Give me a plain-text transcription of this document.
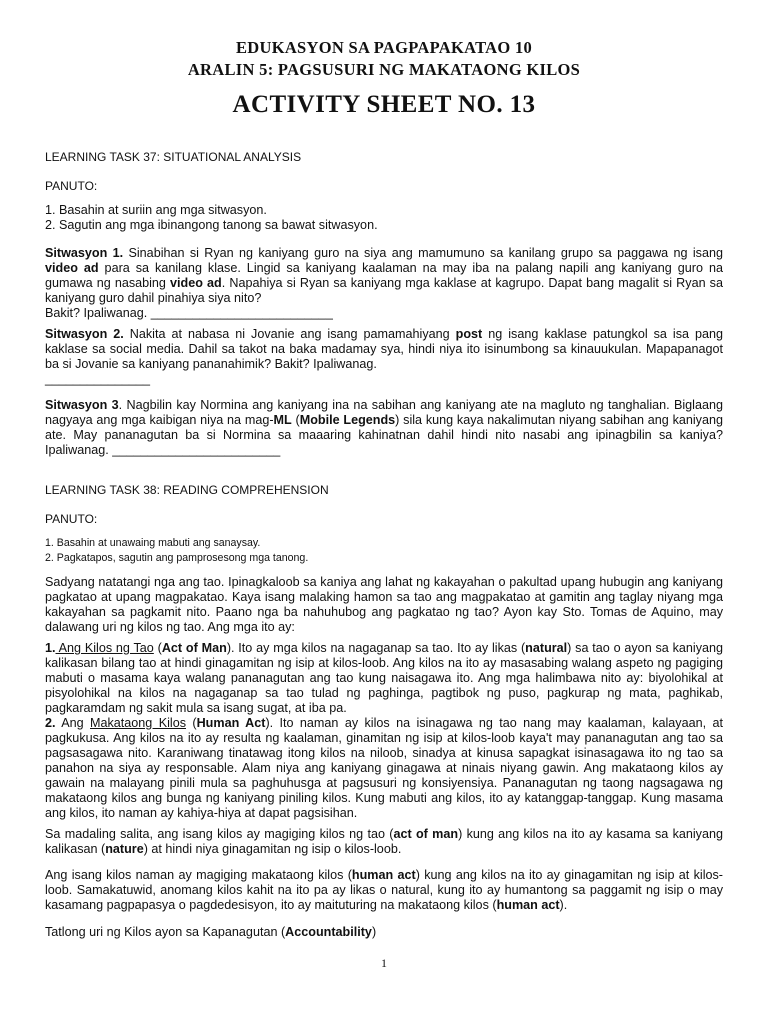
EDUKASYON SA PAGPAPAKATAO 10
ARALIN 5: PAGSUSURI NG MAKATAONG KILOS
ACTIVITY SHEET NO. 13
LEARNING TASK 37: SITUATIONAL ANALYSIS
PANUTO:

1. Basahin at suriin ang mga sitwasyon.

2. Sagutin ang mga ibinangong tanong sa bawat sitwasyon.

Sitwasyon 1. Sinabihan si Ryan ng kaniyang guro na siya ang mamumuno sa kanilang grupo sa paggawa ng isang video ad para sa kanilang klase. Lingid sa kaniyang kaalaman na may iba na palang napili ang kaniyang guro na gumawa ng nasabing video ad. Napahiya si Ryan sa kaniyang mga kaklase at kagrupo. Dapat bang magalit si Ryan sa kaniyang guro dahil pinahiya siya nito?

Bakit? Ipaliwanag. __________________________

Sitwasyon 2. Nakita at nabasa ni Jovanie ang isang pamamahiyang post ng isang kaklase patungkol sa isa pang kaklase sa social media. Dahil sa takot na baka madamay sya, hindi niya ito isinumbong sa kinauukulan. Mapapanagot ba si Jovanie sa kaniyang pananahimik? Bakit? Ipaliwanag.

_______________

Sitwasyon 3. Nagbilin kay Normina ang kaniyang ina na sabihan ang kaniyang ate na magluto ng tanghalian. Biglaang nagyaya ang mga kaibigan niya na mag-ML (Mobile Legends) sila kung kaya nakalimutan niyang sabihan ang kaniyang ate. May pananagutan ba si Normina sa maaaring kahinatnan dahil hindi nito nasabi ang ipinagbilin sa kaniya? Ipaliwanag. ________________________

LEARNING TASK 38: READING COMPREHENSION
PANUTO:

1. Basahin at unawaing mabuti ang sanaysay.

2. Pagkatapos, sagutin ang pamprosesong mga tanong.

Sadyang natatangi nga ang tao. Ipinagkaloob sa kaniya ang lahat ng kakayahan o pakultad upang hubugin ang kaniyang pagkatao at upang magpakatao. Kaya isang malaking hamon sa tao ang magpakatao at gamitin ang taglay niyang mga kakayahan sa pagkamit nito. Paano nga ba nahuhubog ang pagkatao ng tao? Ayon kay Sto. Tomas de Aquino, may dalawang uri ng kilos ng tao. Ang mga ito ay:

1. Ang Kilos ng Tao (Act of Man). Ito ay mga kilos na nagaganap sa tao. Ito ay likas (natural) sa tao o ayon sa kaniyang kalikasan bilang tao at hindi ginagamitan ng isip at kilos-loob. Ang kilos na ito ay masasabing walang aspeto ng pagiging mabuti o masama kaya walang pananagutan ang tao kung naisagawa ito. Ang mga halimbawa nito ay: biyolohikal at pisyolohikal na kilos na nagaganap sa tao tulad ng paghinga, pagtibok ng puso, pagkurap ng mata, paghikab, pagkaramdam ng sakit mula sa isang sugat, at iba pa.

2. Ang Makataong Kilos (Human Act). Ito naman ay kilos na isinagawa ng tao nang may kaalaman, kalayaan, at pagkukusa. Ang kilos na ito ay resulta ng kaalaman, ginamitan ng isip at kilos-loob kaya't may pananagutan ang tao sa pagsasagawa nito. Karaniwang tinatawag itong kilos na niloob, sinadya at kinusa sapagkat isinasagawa ito ng tao sa panahon na siya ay responsable. Alam niya ang kaniyang ginagawa at ninais niyang gawin. Ang makataong kilos ay gawain na malayang pinili mula sa paghuhusga at pagsusuri ng konsiyensiya. Pananagutan ng taong nagsagawa ng makataong kilos ang bunga ng kaniyang piniling kilos. Kung mabuti ang kilos, ito ay katanggap-tanggap. Kung masama ang kilos, ito naman ay kahiya-hiya at dapat pagsisihan.

Sa madaling salita, ang isang kilos ay magiging kilos ng tao (act of man) kung ang kilos na ito ay kasama sa kaniyang kalikasan (nature) at hindi niya ginagamitan ng isip o kilos-loob.

Ang isang kilos naman ay magiging makataong kilos (human act) kung ang kilos na ito ay ginagamitan ng isip at kilos-loob. Samakatuwid, anomang kilos kahit na ito pa ay likas o natural, kung ito ay humantong sa paggamit ng isip o may kasamang pagpapasya o pagdedesisyon, ito ay maituturing na makataong kilos (human act).

Tatlong uri ng Kilos ayon sa Kapanagutan (Accountability)

1
